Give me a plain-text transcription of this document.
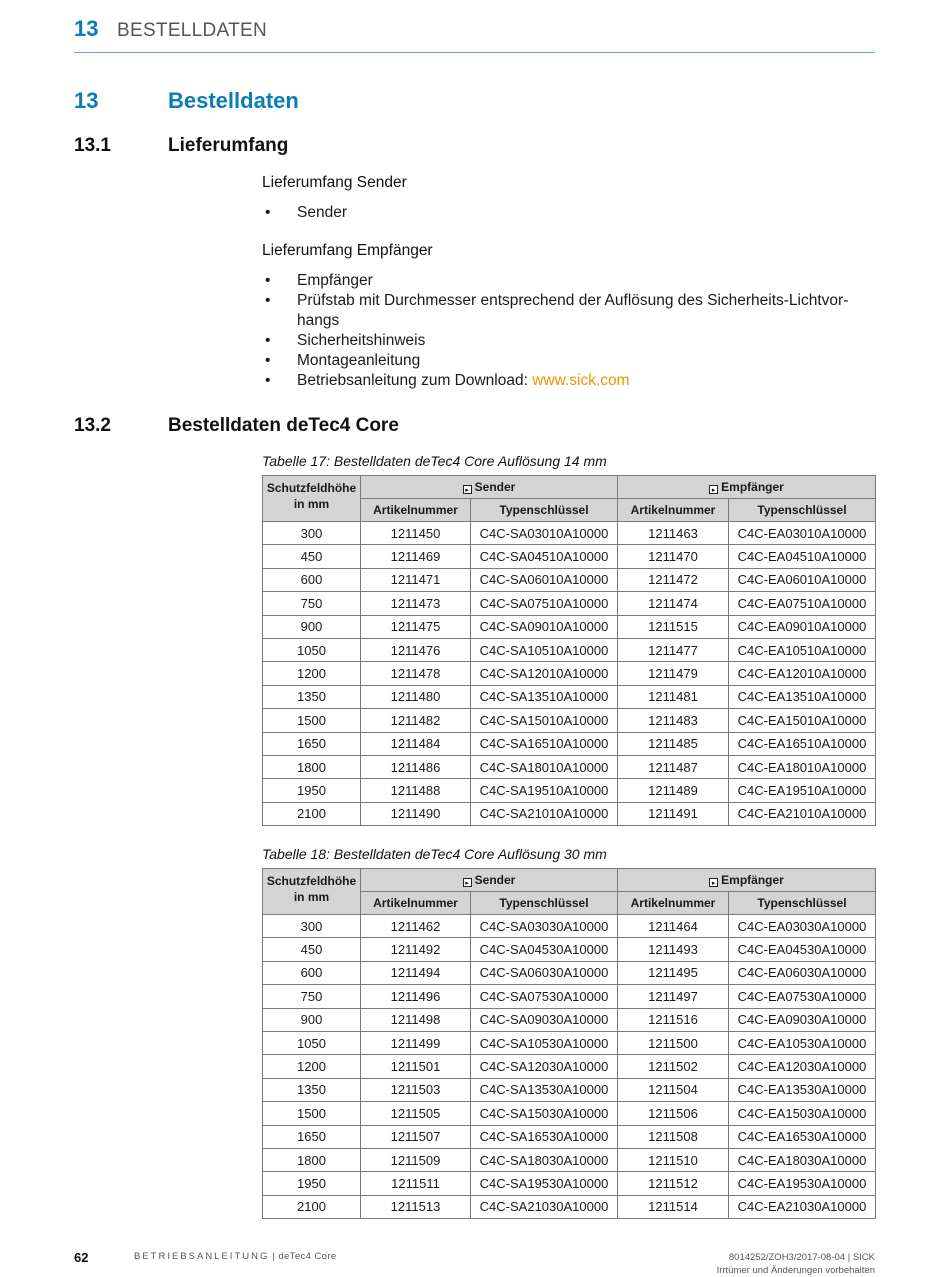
13 BESTELLDATEN
13	Bestelldaten
13.1	Lieferumfang
Lieferumfang Sender
• Sender
Lieferumfang Empfänger
• Empfänger
• Prüfstab mit Durchmesser entsprechend der Auflösung des Sicherheits-Lichtvor-hangs
• Sicherheitshinweis
• Montageanleitung
• Betriebsanleitung zum Download: www.sick.com
13.2	Bestelldaten deTec4 Core
Tabelle 17: Bestelldaten deTec4 Core Auflösung 14 mm
Schutzfeldhöhe in mm	▸ Sender		▸ Empfänger	
	Artikelnummer	Typenschlüssel	Artikelnummer	Typenschlüssel
300	1211450	C4C-SA03010A10000	1211463	C4C-EA03010A10000
450	1211469	C4C-SA04510A10000	1211470	C4C-EA04510A10000
600	1211471	C4C-SA06010A10000	1211472	C4C-EA06010A10000
750	1211473	C4C-SA07510A10000	1211474	C4C-EA07510A10000
900	1211475	C4C-SA09010A10000	1211515	C4C-EA09010A10000
1050	1211476	C4C-SA10510A10000	1211477	C4C-EA10510A10000
1200	1211478	C4C-SA12010A10000	1211479	C4C-EA12010A10000
1350	1211480	C4C-SA13510A10000	1211481	C4C-EA13510A10000
1500	1211482	C4C-SA15010A10000	1211483	C4C-EA15010A10000
1650	1211484	C4C-SA16510A10000	1211485	C4C-EA16510A10000
1800	1211486	C4C-SA18010A10000	1211487	C4C-EA18010A10000
1950	1211488	C4C-SA19510A10000	1211489	C4C-EA19510A10000
2100	1211490	C4C-SA21010A10000	1211491	C4C-EA21010A10000
Tabelle 18: Bestelldaten deTec4 Core Auflösung 30 mm
Schutzfeldhöhe in mm	▸ Sender		▸ Empfänger	
	Artikelnummer	Typenschlüssel	Artikelnummer	Typenschlüssel
300	1211462	C4C-SA03030A10000	1211464	C4C-EA03030A10000
450	1211492	C4C-SA04530A10000	1211493	C4C-EA04530A10000
600	1211494	C4C-SA06030A10000	1211495	C4C-EA06030A10000
750	1211496	C4C-SA07530A10000	1211497	C4C-EA07530A10000
900	1211498	C4C-SA09030A10000	1211516	C4C-EA09030A10000
1050	1211499	C4C-SA10530A10000	1211500	C4C-EA10530A10000
1200	1211501	C4C-SA12030A10000	1211502	C4C-EA12030A10000
1350	1211503	C4C-SA13530A10000	1211504	C4C-EA13530A10000
1500	1211505	C4C-SA15030A10000	1211506	C4C-EA15030A10000
1650	1211507	C4C-SA16530A10000	1211508	C4C-EA16530A10000
1800	1211509	C4C-SA18030A10000	1211510	C4C-EA18030A10000
1950	1211511	C4C-SA19530A10000	1211512	C4C-EA19530A10000
2100	1211513	C4C-SA21030A10000	1211514	C4C-EA21030A10000
62	BETRIEBSANLEITUNG | deTec4 Core	8014252/ZOH3/2017-08-04 | SICK
Irrtümer und Änderungen vorbehalten
